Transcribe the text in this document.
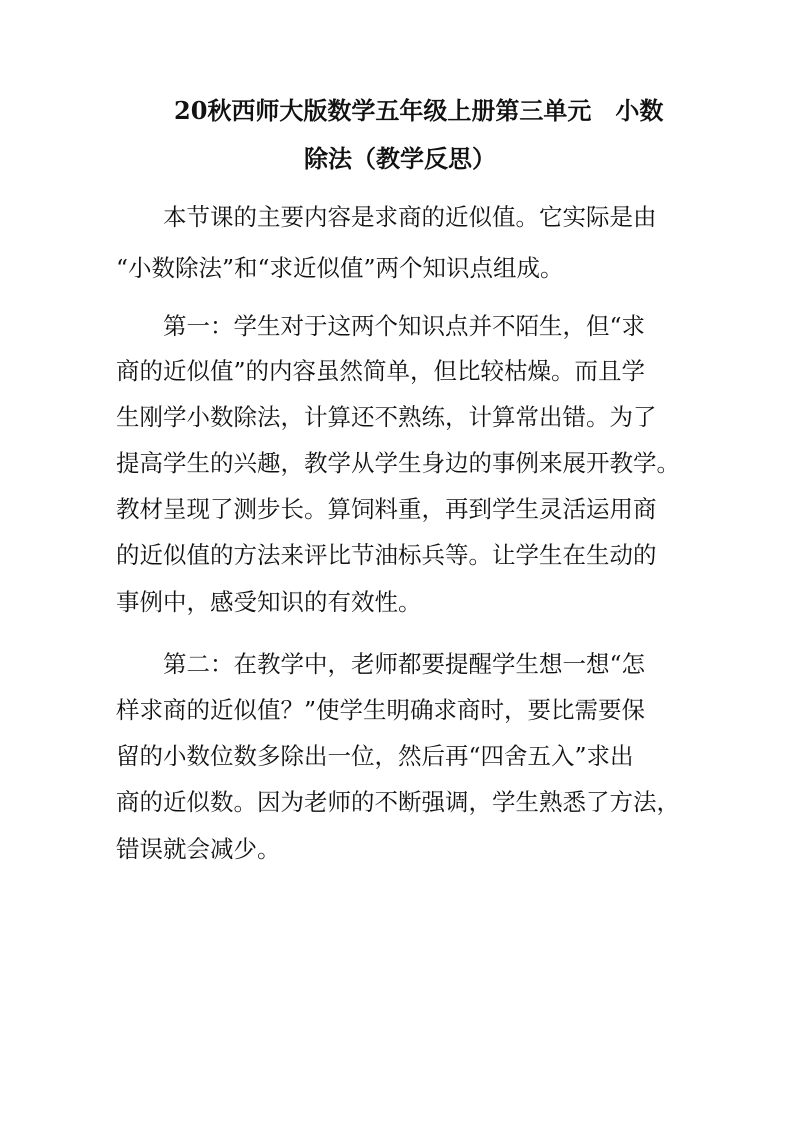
20秋西师大版数学五年级上册第三单元　小数
除法（教学反思）
　　本节课的主要内容是求商的近似值。它实际是由
“小数除法”和“求近似值”两个知识点组成。
　　第一：学生对于这两个知识点并不陌生，但“求
商的近似值”的内容虽然简单，但比较枯燥。而且学
生刚学小数除法，计算还不熟练，计算常出错。为了
提高学生的兴趣，教学从学生身边的事例来展开教学。
教材呈现了测步长。算饲料重，再到学生灵活运用商
的近似值的方法来评比节油标兵等。让学生在生动的
事例中，感受知识的有效性。
　　第二：在教学中，老师都要提醒学生想一想“怎
样求商的近似值？”使学生明确求商时，要比需要保
留的小数位数多除出一位，然后再“四舍五入”求出
商的近似数。因为老师的不断强调，学生熟悉了方法，
错误就会减少。
